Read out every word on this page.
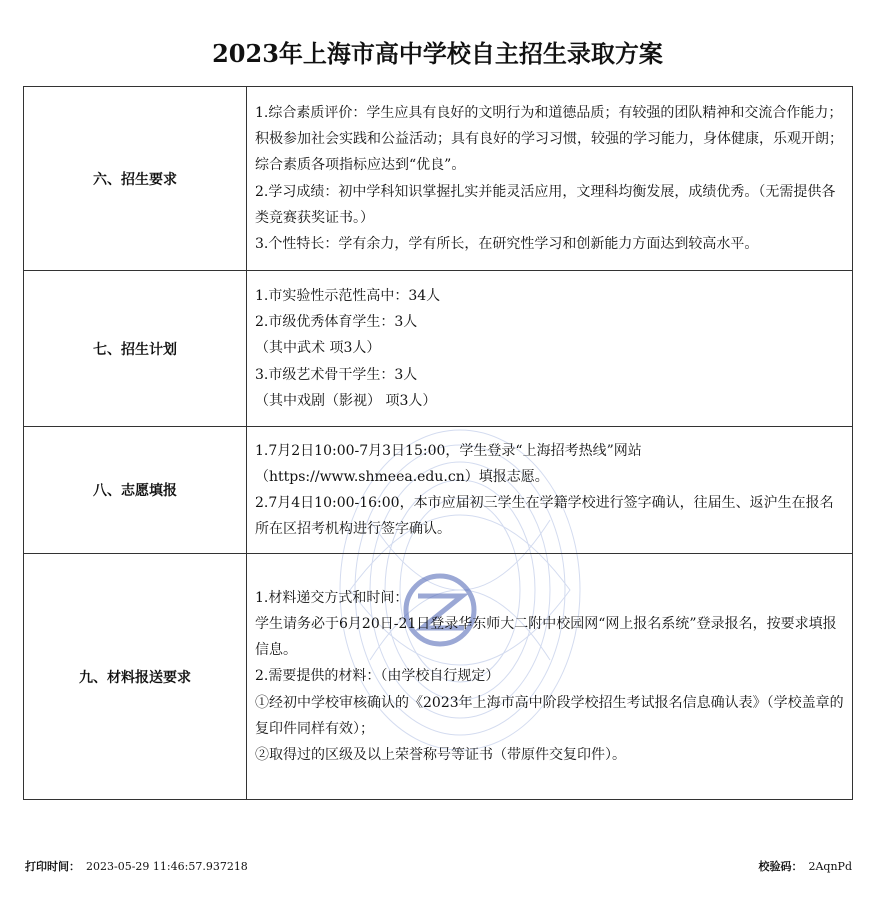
2023年上海市高中学校自主招生录取方案
六、招生要求	1.综合素质评价：学生应具有良好的文明行为和道德品质；有较强的团队精神和交流合作能力；积极参加社会实践和公益活动；具有良好的学习习惯，较强的学习能力，身体健康，乐观开朗；综合素质各项指标应达到“优良”。

2.学习成绩：初中学科知识掌握扎实并能灵活应用，文理科均衡发展，成绩优秀。（无需提供各类竞赛获奖证书。）

3.个性特长：学有余力，学有所长，在研究性学习和创新能力方面达到较高水平。

七、招生计划	1.市实验性示范性高中：34人

2.市级优秀体育学生：3人

（其中武术 项3人）

3.市级艺术骨干学生：3人

（其中戏剧（影视） 项3人）

八、志愿填报	1.7月2日10:00-7月3日15:00，学生登录“上海招考热线”网站（https://www.shmeea.edu.cn）填报志愿。

2.7月4日10:00-16:00，本市应届初三学生在学籍学校进行签字确认，往届生、返沪生在报名所在区招考机构进行签字确认。

九、材料报送要求	1.材料递交方式和时间：

学生请务必于6月20日-21日登录华东师大二附中校园网“网上报名系统”登录报名，按要求填报信息。

2.需要提供的材料：（由学校自行规定）

①经初中学校审核确认的《2023年上海市高中阶段学校招生考试报名信息确认表》（学校盖章的复印件同样有效）；

②取得过的区级及以上荣誉称号等证书（带原件交复印件）。

打印时间： 2023-05-29 11:46:57.937218	校验码： 2AqnPd
